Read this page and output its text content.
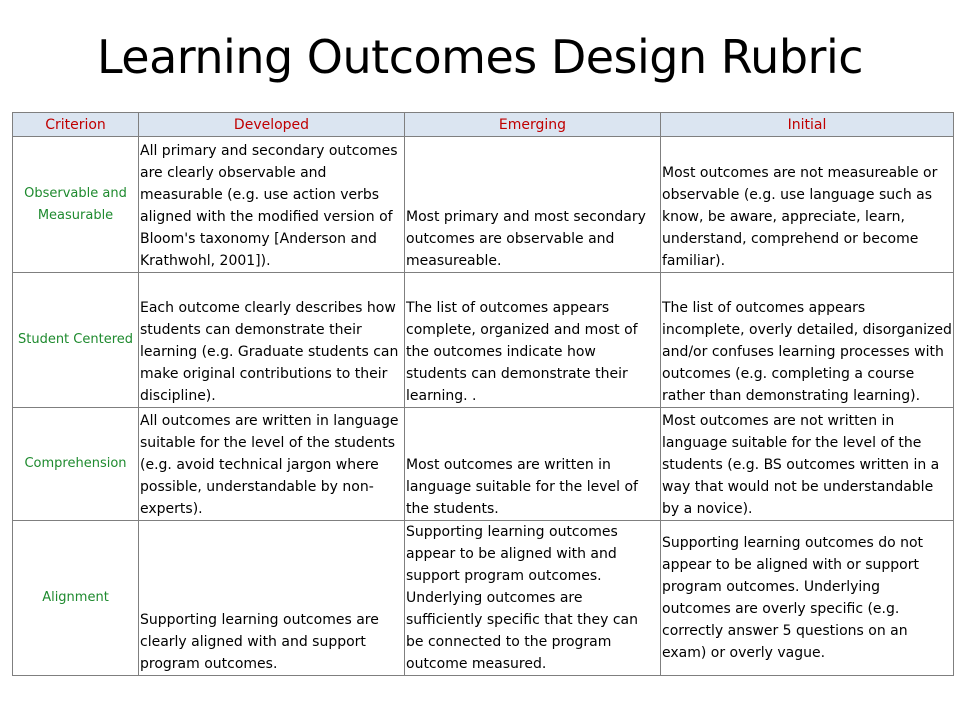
Learning Outcomes Design Rubric
Criterion	Developed	Emerging	Initial
Observable and Measurable	All primary and secondary outcomes are clearly observable and measurable (e.g. use action verbs aligned with the modified version of Bloom's taxonomy [Anderson and Krathwohl, 2001]).	Most primary and most secondary outcomes are observable and measureable.	Most outcomes are not measureable or observable (e.g. use language such as know, be aware, appreciate, learn, understand, comprehend or become familiar).
Student Centered	Each outcome clearly describes how students can demonstrate their learning (e.g. Graduate students can make original contributions to their discipline).	The list of outcomes appears complete, organized and most of the outcomes indicate how students can demonstrate their learning. .	The list of outcomes appears incomplete, overly detailed, disorganized and/or confuses learning processes with outcomes (e.g. completing a course rather than demonstrating learning).
Comprehension	All outcomes are written in language suitable for the level of the students (e.g. avoid technical jargon where possible, understandable by non-experts).	Most outcomes are written in language suitable for the level of the students.	Most outcomes are not written in language suitable for the level of the students (e.g. BS outcomes written in a way that would not be understandable by a novice).
Alignment	Supporting learning outcomes are clearly aligned with and support program outcomes.	Supporting learning outcomes appear to be aligned with and support program outcomes. Underlying outcomes are sufficiently specific that they can be connected to the program outcome measured.	Supporting learning outcomes do not appear to be aligned with or support program outcomes. Underlying outcomes are overly specific (e.g. correctly answer 5 questions on an exam) or overly vague.
